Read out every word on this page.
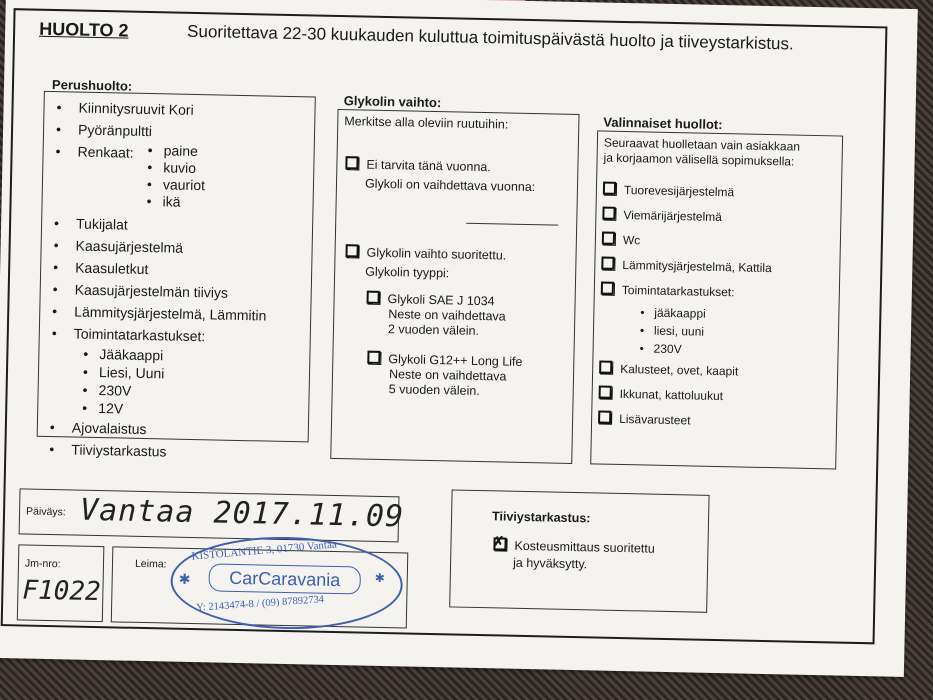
HUOLTO 2	Suoritettava 22-30 kuukauden kuluttua toimituspäivästä huolto ja tiiveystarkistus.
Perushuolto:
• Kiinnitysruuvit Kori
• Pyöränpultti
• Renkaat:
•	paine
• kuvio
• vauriot
• ikä
• Tukijalat
• Kaasujärjestelmä
• Kaasuletkut
• Kaasujärjestelmän tiiviys
• Lämmitysjärjestelmä, Lämmitin
• Toimintatarkastukset:
• Jääkaappi
• Liesi, Uuni
• 230V
• 12V
• Ajovalaistus
• Tiiviystarkastus
Glykolin vaihto:
Merkitse alla oleviin ruutuihin:
Ei tarvita tänä vuonna.
Glykoli on vaihdettava vuonna:
Glykolin vaihto suoritettu.
Glykolin tyyppi:
Glykoli SAE J 1034
Neste on vaihdettava
2 vuoden välein.
Glykoli G12++ Long Life
Neste on vaihdettava
5 vuoden välein.
Valinnaiset huollot:
Seuraavat huolletaan vain asiakkaan
ja korjaamon välisellä sopimuksella:
Tuorevesijärjestelmä
Viemärijärjestelmä
Wc
Lämmitysjärjestelmä, Kattila
Toimintatarkastukset:
• jääkaappi
• liesi, uuni
• 230V
Kalusteet, ovet, kaapit
Ikkunat, kattoluukut
Lisävarusteet
Päiväys: Vantaa 2017.11.09
Jm-nro:
F1022
Leima:
KISTOLANTIE 3, 01730 Vantaa
✱	CarCaravania	✱
Y: 2143474-8 / (09) 87892734
Tiiviystarkastus:
✗ Kosteusmittaus suoritettu
ja hyväksytty.
